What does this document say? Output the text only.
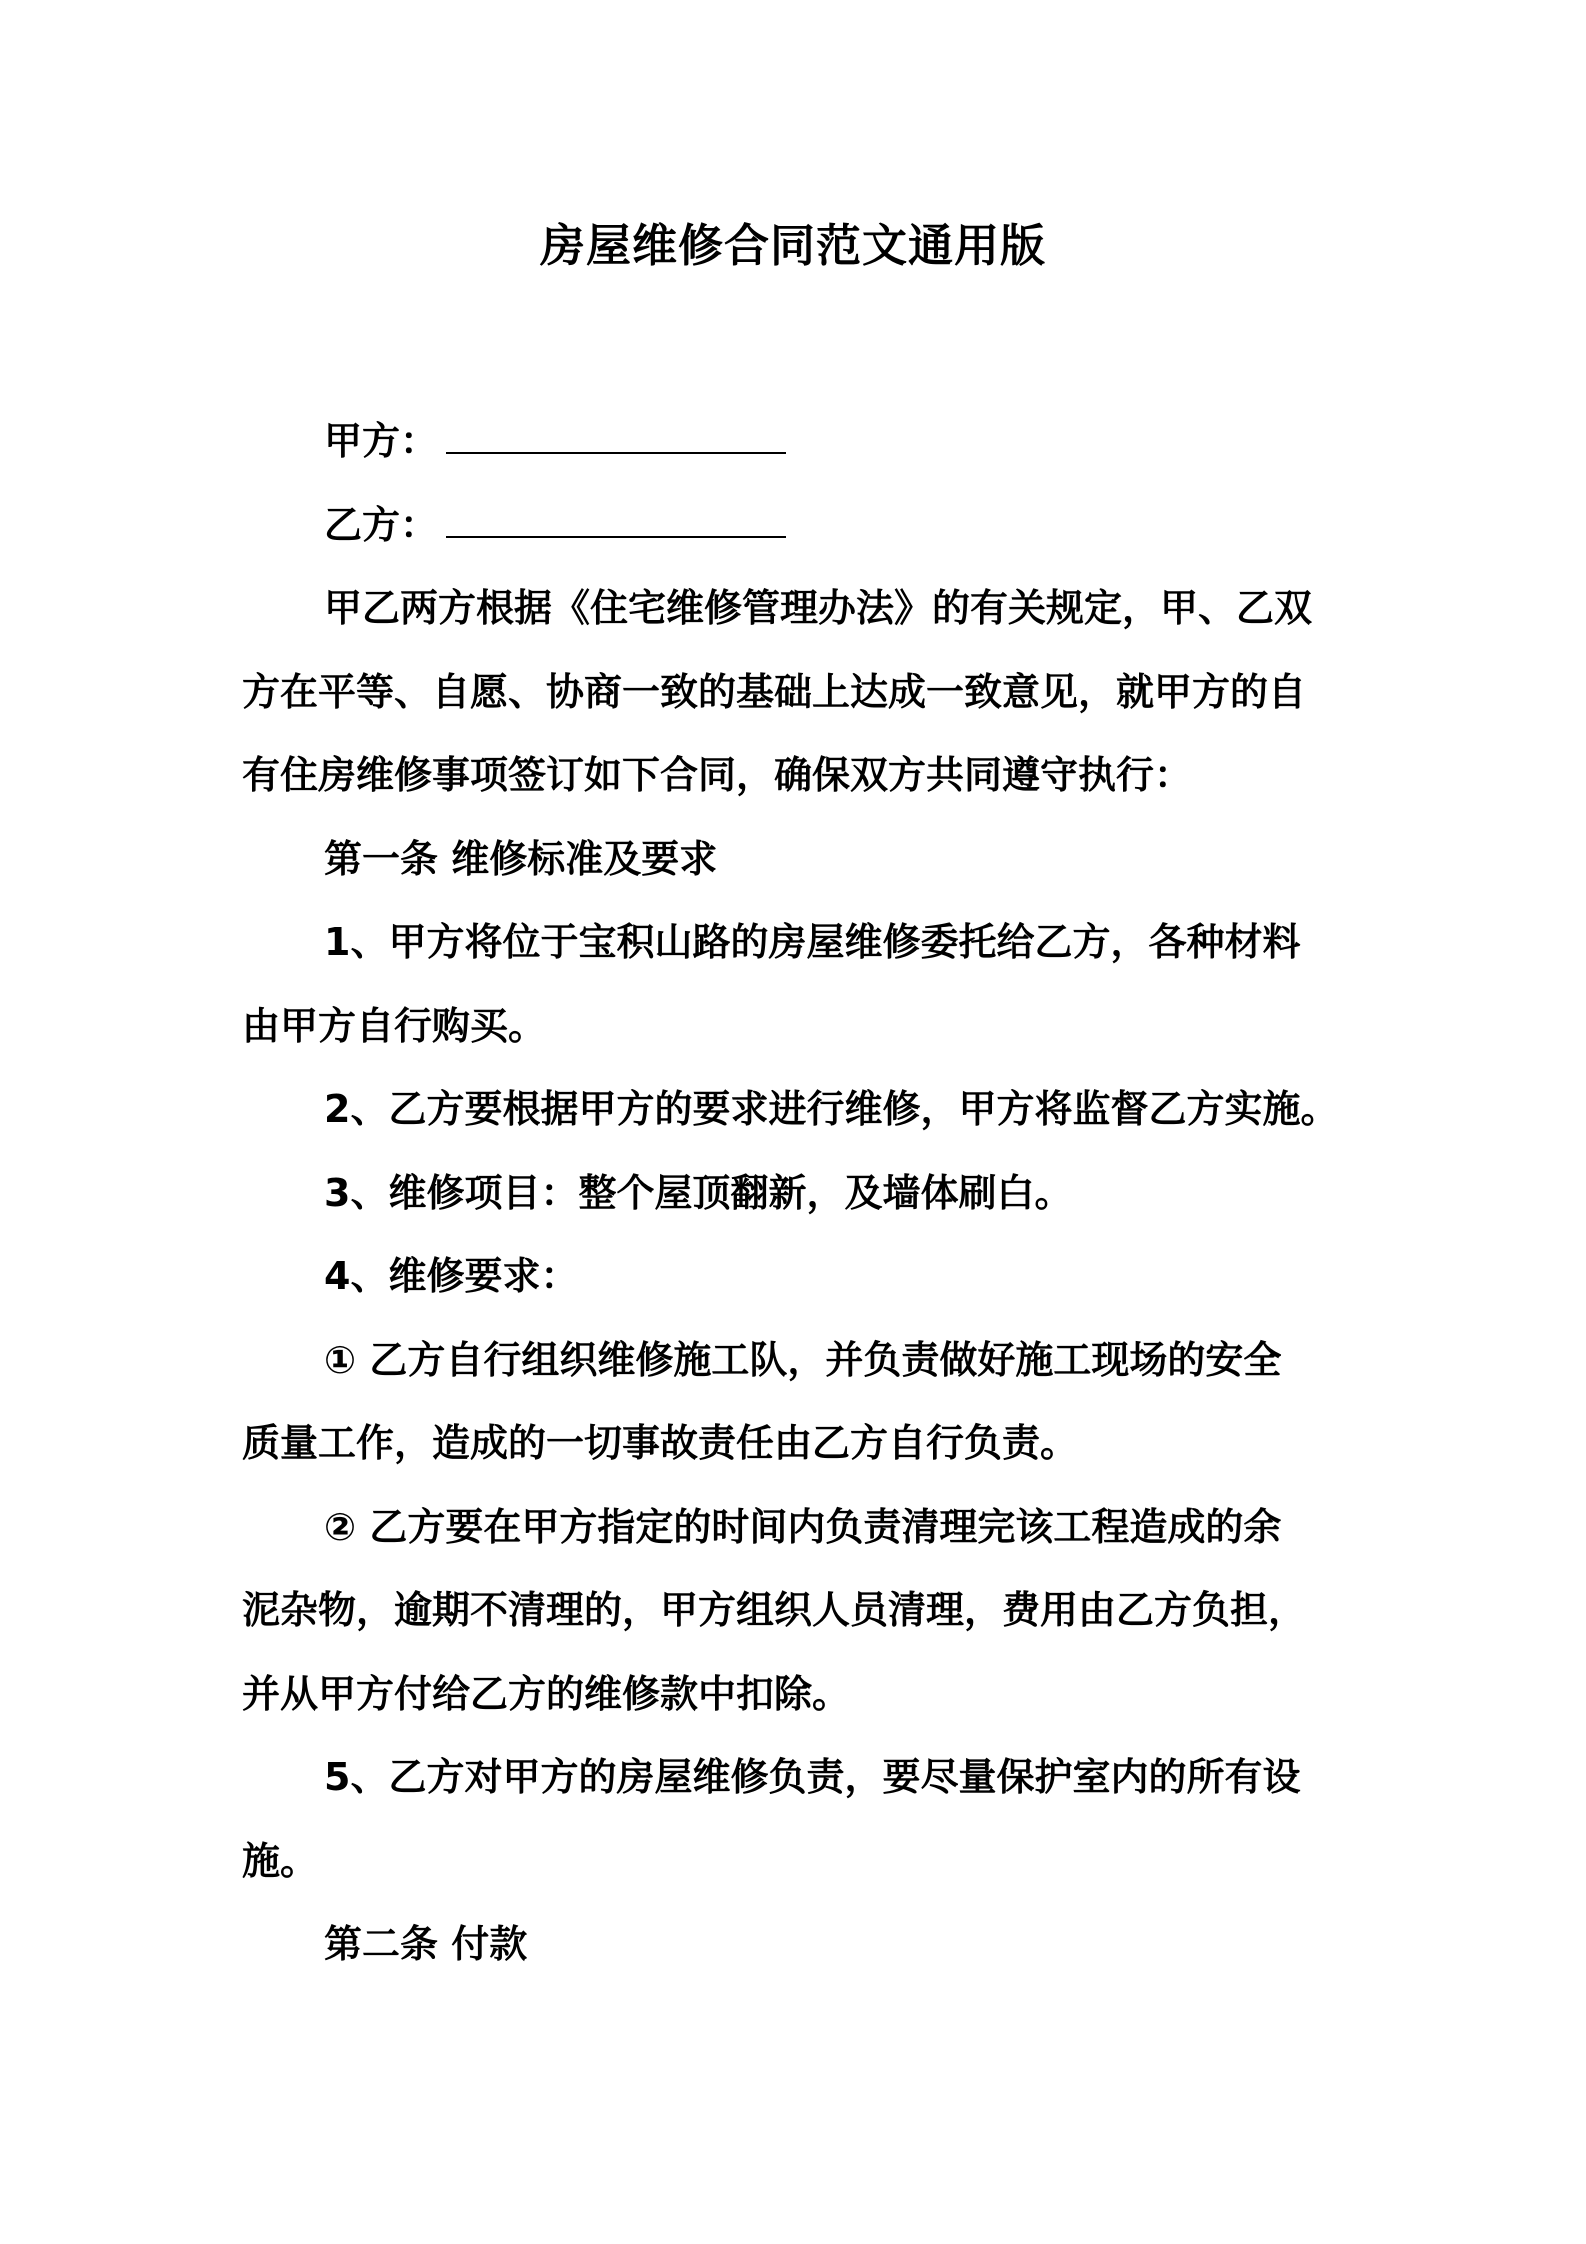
房屋维修合同范文通用版
甲方：
乙方：
甲乙两方根据《住宅维修管理办法》的有关规定，甲、乙双
方在平等、自愿、协商一致的基础上达成一致意见，就甲方的自
有住房维修事项签订如下合同，确保双方共同遵守执行：
第一条 维修标准及要求
1、甲方将位于宝积山路的房屋维修委托给乙方，各种材料
由甲方自行购买。
2、乙方要根据甲方的要求进行维修，甲方将监督乙方实施。
3、维修项目：整个屋顶翻新，及墙体刷白。
4、维修要求：
① 乙方自行组织维修施工队，并负责做好施工现场的安全
质量工作，造成的一切事故责任由乙方自行负责。
② 乙方要在甲方指定的时间内负责清理完该工程造成的余
泥杂物，逾期不清理的，甲方组织人员清理，费用由乙方负担，
并从甲方付给乙方的维修款中扣除。
5、乙方对甲方的房屋维修负责，要尽量保护室内的所有设
施。
第二条 付款
